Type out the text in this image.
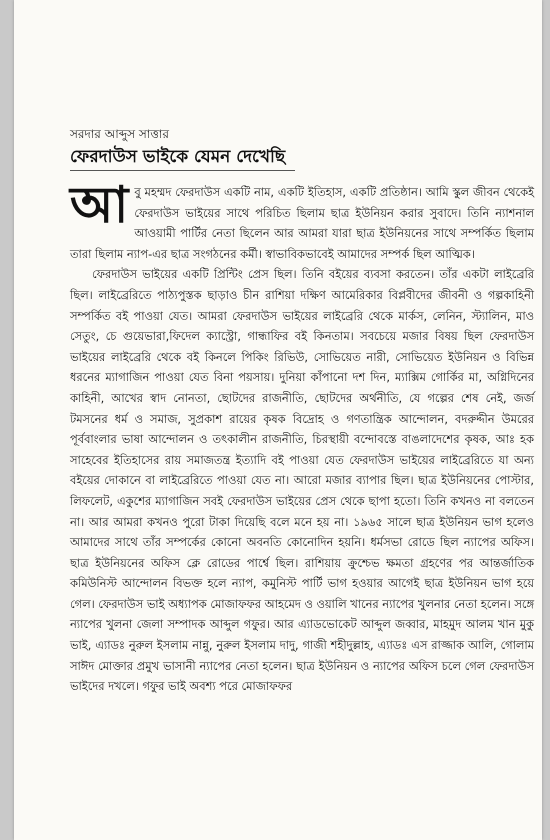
সরদার আব্দুস সাত্তার
ফেরদাউস ভাইকে যেমন দেখেছি

আ বু মহম্মদ ফেরদাউস একটি নাম, একটি ইতিহাস, একটি প্রতিষ্ঠান। আমি স্কুল জীবন থেকেই ফেরদাউস ভাইয়ের সাথে পরিচিত ছিলাম ছাত্র ইউনিয়ন করার সুবাদে। তিনি ন্যাশনাল আওয়ামী পার্টির নেতা ছিলেন আর আমরা যারা ছাত্র ইউনিয়নের সাথে সম্পর্কিত ছিলাম তারা ছিলাম ন্যাপ-এর ছাত্র সংগঠনের কর্মী। স্বাভাবিকভাবেই আমাদের সম্পর্ক ছিল আত্মিক।

ফেরদাউস ভাইয়ের একটি প্রিন্টিং প্রেস ছিল। তিনি বইয়ের ব্যবসা করতেন। তাঁর একটা লাইব্রেরি ছিল। লাইব্রেরিতে পাঠ্যপুস্তক ছাড়াও চীন রাশিয়া দক্ষিণ আমেরিকার বিপ্লবীদের জীবনী ও গল্পকাহিনী সম্পর্কিত বই পাওয়া যেত। আমরা ফেরদাউস ভাইয়ের লাইব্রেরি থেকে মার্কস, লেনিন, স্ট্যালিন, মাও সেতুং, চে গুয়েভারা,ফিদেল ক্যাস্ট্রো, গান্ধাফির বই কিনতাম। সবচেয়ে মজার বিষয় ছিল ফেরদাউস ভাইয়ের লাইব্রেরি থেকে বই কিনলে পিকিং রিভিউ, সোভিয়েত নারী, সোভিয়েত ইউনিয়ন ও বিভিন্ন ধরনের ম্যাগাজিন পাওয়া যেত বিনা পয়সায়। দুনিয়া কাঁপানো দশ দিন, ম্যাক্সিম গোর্কির মা, অগ্নিদিনের কাহিনী, আখের স্বাদ নোনতা, ছোটদের রাজনীতি, ছোটদের অর্থনীতি, যে গল্পের শেষ নেই, জর্জ টমসনের ধর্ম ও সমাজ, সুপ্রকাশ রায়ের কৃষক বিদ্রোহ ও গণতান্ত্রিক আন্দোলন, বদরুদ্দীন উমরের পূর্ববাংলার ভাষা আন্দোলন ও তৎকালীন রাজনীতি, চিরস্থায়ী বন্দোবস্তে বাঙলাদেশের কৃষক, আঃ হক সাহেবের ইতিহাসের রায় সমাজতন্ত্র ইত্যাদি বই পাওয়া যেত ফেরদাউস ভাইয়ের লাইব্রেরিতে যা অন্য বইয়ের দোকানে বা লাইব্রেরিতে পাওয়া যেত না। আরো মজার ব্যাপার ছিল। ছাত্র ইউনিয়নের পোস্টার, লিফলেট, একুশের ম্যাগাজিন সবই ফেরদাউস ভাইয়ের প্রেস থেকে ছাপা হতো। তিনি কখনও না বলতেন না। আর আমরা কখনও পুরো টাকা দিয়েছি বলে মনে হয় না। ১৯৬৫ সালে ছাত্র ইউনিয়ন ভাগ হলেও আমাদের সাথে তাঁর সম্পর্কের কোনো অবনতি কোনোদিন হয়নি। ধর্মসভা রোডে ছিল ন্যাপের অফিস। ছাত্র ইউনিয়নের অফিস ক্লে রোডের পার্শ্বে ছিল। রাশিয়ায় ক্রুশ্চেভ ক্ষমতা গ্রহণের পর আন্তর্জাতিক কমিউনিস্ট আন্দোলন বিভক্ত হলে ন্যাপ, কমুনিস্ট পার্টি ভাগ হওয়ার আগেই ছাত্র ইউনিয়ন ভাগ হয়ে গেল। ফেরদাউস ভাই অধ্যাপক মোজাফফর আহমেদ ও ওয়ালি খানের ন্যাপের খুলনার নেতা হলেন। সঙ্গে ন্যাপের খুলনা জেলা সম্পাদক আব্দুল গফুর। আর এ্যাডভোকেট আব্দুল জব্বার, মাহমুদ আলম খান মুকু ভাই, এ্যাডঃ নুরুল ইসলাম নান্নু, নুরুল ইসলাম দাদু, গাজী শহীদুল্লাহ, এ্যাডঃ এস রাজ্জাক আলি, গোলাম সাঈদ মোক্তার প্রমুখ ভাসানী ন্যাপের নেতা হলেন। ছাত্র ইউনিয়ন ও ন্যাপের অফিস চলে গেল ফেরদাউস ভাইদের দখলে। গফুর ভাই অবশ্য পরে মোজাফফর
